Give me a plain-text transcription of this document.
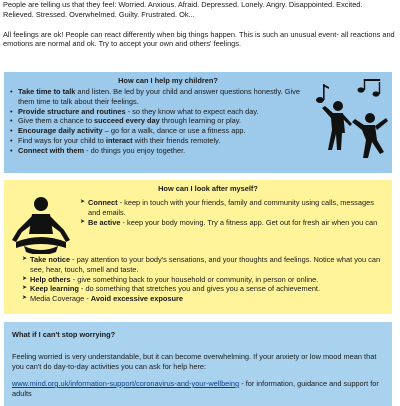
People are telling us that they feel: Worried. Anxious. Afraid. Depressed. Lonely. Angry. Disappointed. Excited. Relieved. Stressed. Overwhelmed. Guilty. Frustrated. Ok...

All feelings are ok! People can react differently when big things happen. This is such an unusual event- all reactions and emotions are normal and ok. Try to accept your own and others' feelings.

How can I help my children?
• Take time to talk and listen. Be led by your child and answer questions honestly. Give them time to talk about their feelings.
• Provide structure and routines - so they know what to expect each day.
• Give them a chance to succeed every day through learning or play.
• Encourage daily activity – go for a walk, dance or use a fitness app.
• Find ways for your child to interact with their friends remotely.
• Connect with them - do things you enjoy together.
How can I look after myself?
➤ Connect - keep in touch with your friends, family and community using calls, messages and emails.
➤ Be active - keep your body moving. Try a fitness app. Get out for fresh air when you can
➤ Take notice - pay attention to your body's sensations, and your thoughts and feelings. Notice what you can see, hear, touch, smell and taste.
➤ Help others - give something back to your household or community, in person or online.
➤ Keep learning - do something that stretches you and gives you a sense of achievement.
➤ Media Coverage - Avoid excessive exposure
What if I can't stop worrying?
Feeling worried is very understandable, but it can become overwhelming. If your anxiety or low mood mean that you can't do day-to-day activities you can ask for help here:
www.mind.org.uk/information-support/coronavirus-and-your-wellbeing - for information, guidance and support for adults
